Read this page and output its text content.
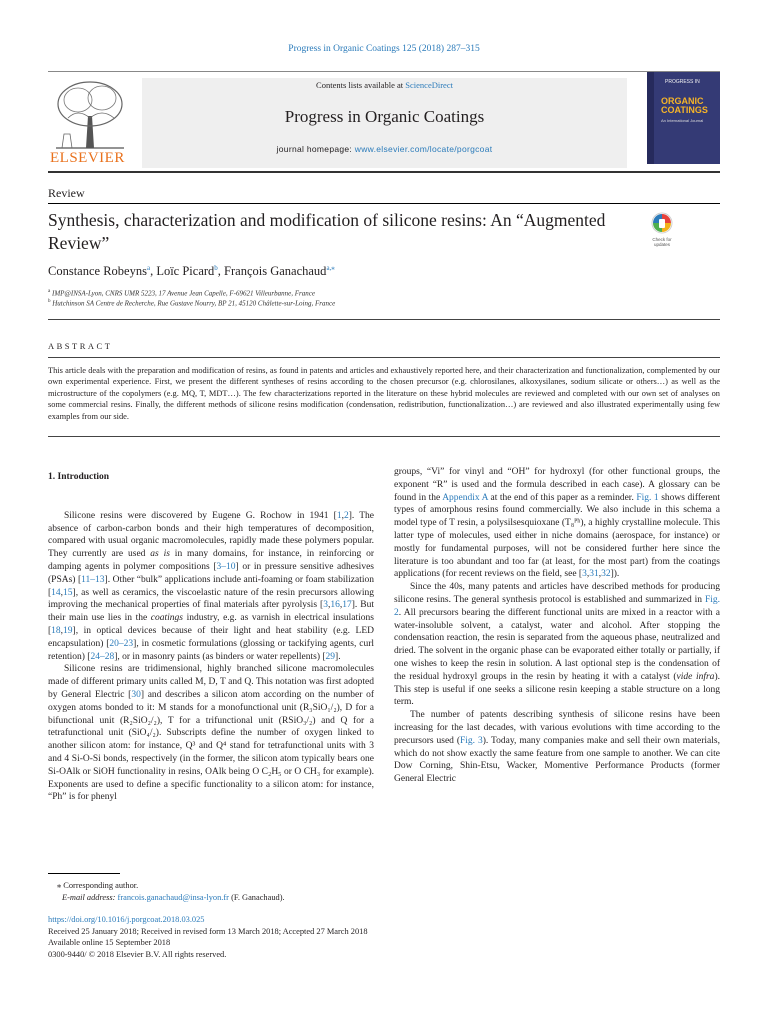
Progress in Organic Coatings 125 (2018) 287–315
ELSEVIER
Contents lists available at ScienceDirect
Progress in Organic Coatings
journal homepage: www.elsevier.com/locate/porgcoat
PROGRESS IN
ORGANIC
COATINGS
An International Journal
Review
Synthesis, characterization and modification of silicone resins: An “Augmented Review”	Check for
updates
Constance Robeyns$^a$, Loïc Picard$^b$, François Ganachaud$^{a,⁎}$
$^a$ IMP@INSA-Lyon, CNRS UMR 5223, 17 Avenue Jean Capelle, F-69621 Villeurbanne, France
$^b$ Hutchinson SA Centre de Recherche, Rue Gustave Nourry, BP 21, 45120 Châlette-sur-Loing, France
ABSTRACT
This article deals with the preparation and modification of resins, as found in patents and articles and exhaustively reported here, and their characterization and functionalization, complemented by our own experimental experience. First, we present the different syntheses of resins according to the chosen precursor (e.g. chlorosilanes, alkoxysilanes, sodium silicate or others…) as well as the microstructure of the copolymers (e.g. MQ, T, MDT…). The few characterizations reported in the literature on these hybrid molecules are reviewed and completed with our own set of analyses on some commercial resins. Finally, the different methods of silicone resins modification (condensation, redistribution, functionalization…) are reviewed and also illustrated experimentally using few examples from our side.
1. Introduction

Silicone resins were discovered by Eugene G. Rochow in 1941 [1,2]. The absence of carbon-carbon bonds and their high temperatures of decomposition, compared with usual organic macromolecules, rapidly made these polymers popular. They currently are used as is in many domains, for instance, in reinforcing or damping agents in polymer compositions [3–10] or in pressure sensitive adhesives (PSAs) [11–13]. Other “bulk” applications include anti-foaming or foam stabilization [14,15], as well as ceramics, the viscoelastic nature of the resin precursors allowing improving the mechanical properties of final materials after pyrolysis [3,16,17]. But their main use lies in the coatings industry, e.g. as varnish in electrical insulations [18,19], in optical devices because of their light and heat stability (e.g. LED encapsulation) [20–23], in cosmetic formulations (glossing or tackifying agents, curl retention) [24–28], or in masonry paints (as binders or water repellents) [29].

Silicone resins are tridimensional, highly branched silicone macromolecules made of different primary units called M, D, T and Q. This notation was first adopted by General Electric [30] and describes a silicon atom according on the number of oxygen atoms bonded to it: M stands for a monofunctional unit (R₃SiO₁/₂), D for a bifunctional unit (R₂SiO₂/₂), T for a trifunctional unit (RSiO₃/₂) and Q for a tetrafunctional unit (SiO₄/₂). Subscripts define the number of oxygen linked to another silicon atom: for instance, Q³ and Q⁴ stand for tetrafunctional units with 3 and 4 Si-O-Si bonds, respectively (in the former, the silicon atom typically bears one Si-OAlk or SiOH functionality in resins, OAlk being O C₂H₅ or O CH₃ for example). Exponents are used to define a specific functionality to a silicon atom: for instance, “Ph” is for phenyl

groups, “Vi” for vinyl and “OH” for hydroxyl (for other functional groups, the exponent “R” is used and the formula described in each case). A glossary can be found in the Appendix A at the end of this paper as a reminder. Fig. 1 shows different types of amorphous resins found commercially. We also include in this schema a model type of T resin, a polysilsesquioxane (T₈ᴾʰ), a highly crystalline molecule. This latter type of molecules, used either in niche domains (aerospace, for instance) or mostly for fundamental purposes, will not be considered further here since the literature is too abundant and too far (at least, for the most part) from the coatings applications (for recent reviews on the field, see [3,31,32]).

Since the 40s, many patents and articles have described methods for producing silicone resins. The general synthesis protocol is established and summarized in Fig. 2. All precursors bearing the different functional units are mixed in a reactor with a water-insoluble solvent, a catalyst, water and alcohol. After stopping the condensation reaction, the resin is separated from the aqueous phase, neutralized and dried. The solvent in the organic phase can be evaporated either totally or partially, if one wishes to keep the resin in solution. A last optional step is the condensation of the residual hydroxyl groups in the resin by heating it with a catalyst (vide infra). This step is useful if one seeks a silicone resin keeping a stable structure on a long term.

The number of patents describing synthesis of silicone resins have been increasing for the last decades, with various evolutions with time according to the precursors used (Fig. 3). Today, many companies make and sell their own materials, which do not show exactly the same feature from one sample to another. We can cite Dow Corning, Shin-Etsu, Wacker, Momentive Performance Products (former General Electric

⁎ Corresponding author.
E-mail address: francois.ganachaud@insa-lyon.fr (F. Ganachaud).
https://doi.org/10.1016/j.porgcoat.2018.03.025
Received 25 January 2018; Received in revised form 13 March 2018; Accepted 27 March 2018
Available online 15 September 2018
0300-9440/ © 2018 Elsevier B.V. All rights reserved.
